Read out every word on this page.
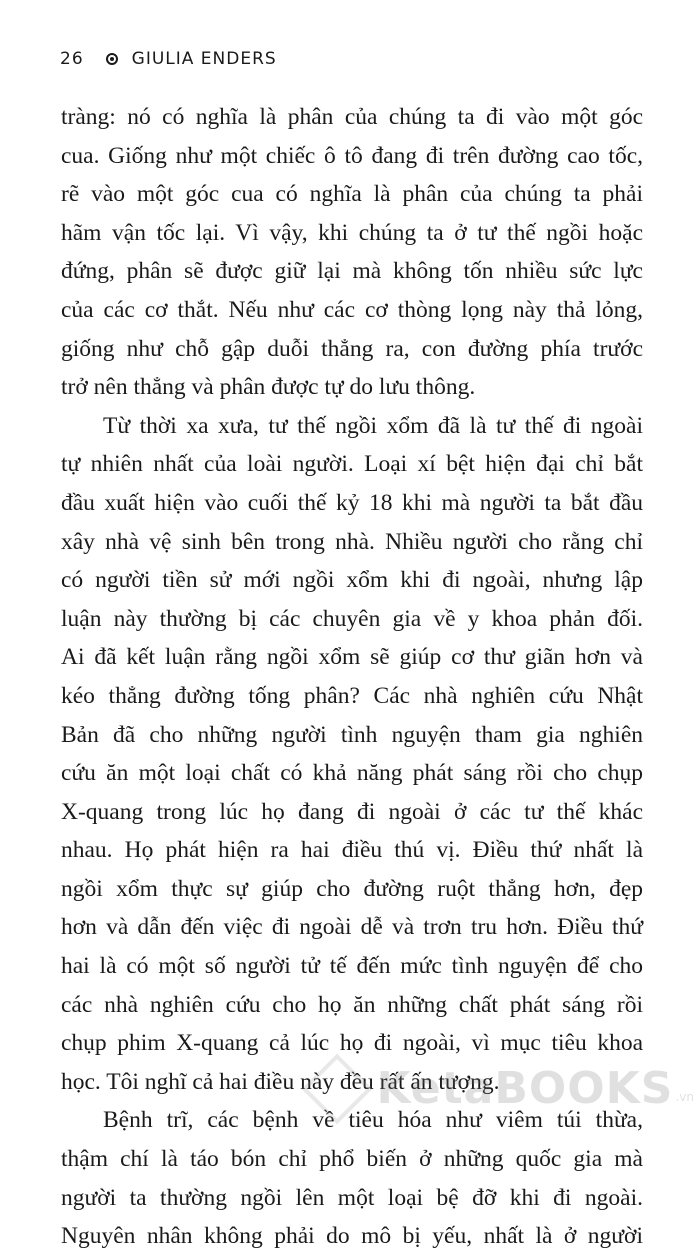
26	GIULIA ENDERS
tràng: nó có nghĩa là phân của chúng ta đi vào một góc
cua. Giống như một chiếc ô tô đang đi trên đường cao tốc,
rẽ vào một góc cua có nghĩa là phân của chúng ta phải
hãm vận tốc lại. Vì vậy, khi chúng ta ở tư thế ngồi hoặc
đứng, phân sẽ được giữ lại mà không tốn nhiều sức lực
của các cơ thắt. Nếu như các cơ thòng lọng này thả lỏng,
giống như chỗ gập duỗi thẳng ra, con đường phía trước
trở nên thẳng và phân được tự do lưu thông.
Từ thời xa xưa, tư thế ngồi xổm đã là tư thế đi ngoài
tự nhiên nhất của loài người. Loại xí bệt hiện đại chỉ bắt
đầu xuất hiện vào cuối thế kỷ 18 khi mà người ta bắt đầu
xây nhà vệ sinh bên trong nhà. Nhiều người cho rằng chỉ
có người tiền sử mới ngồi xổm khi đi ngoài, nhưng lập
luận này thường bị các chuyên gia về y khoa phản đối.
Ai đã kết luận rằng ngồi xổm sẽ giúp cơ thư giãn hơn và
kéo thẳng đường tống phân? Các nhà nghiên cứu Nhật
Bản đã cho những người tình nguyện tham gia nghiên
cứu ăn một loại chất có khả năng phát sáng rồi cho chụp
X-quang trong lúc họ đang đi ngoài ở các tư thế khác
nhau. Họ phát hiện ra hai điều thú vị. Điều thứ nhất là
ngồi xổm thực sự giúp cho đường ruột thẳng hơn, đẹp
hơn và dẫn đến việc đi ngoài dễ và trơn tru hơn. Điều thứ
hai là có một số người tử tế đến mức tình nguyện để cho
các nhà nghiên cứu cho họ ăn những chất phát sáng rồi
chụp phim X-quang cả lúc họ đi ngoài, vì mục tiêu khoa
học. Tôi nghĩ cả hai điều này đều rất ấn tượng.
Bệnh trĩ, các bệnh về tiêu hóa như viêm túi thừa,
thậm chí là táo bón chỉ phổ biến ở những quốc gia mà
người ta thường ngồi lên một loại bệ đỡ khi đi ngoài.
Nguyên nhân không phải do mô bị yếu, nhất là ở người
KetaBOOKS .vn
